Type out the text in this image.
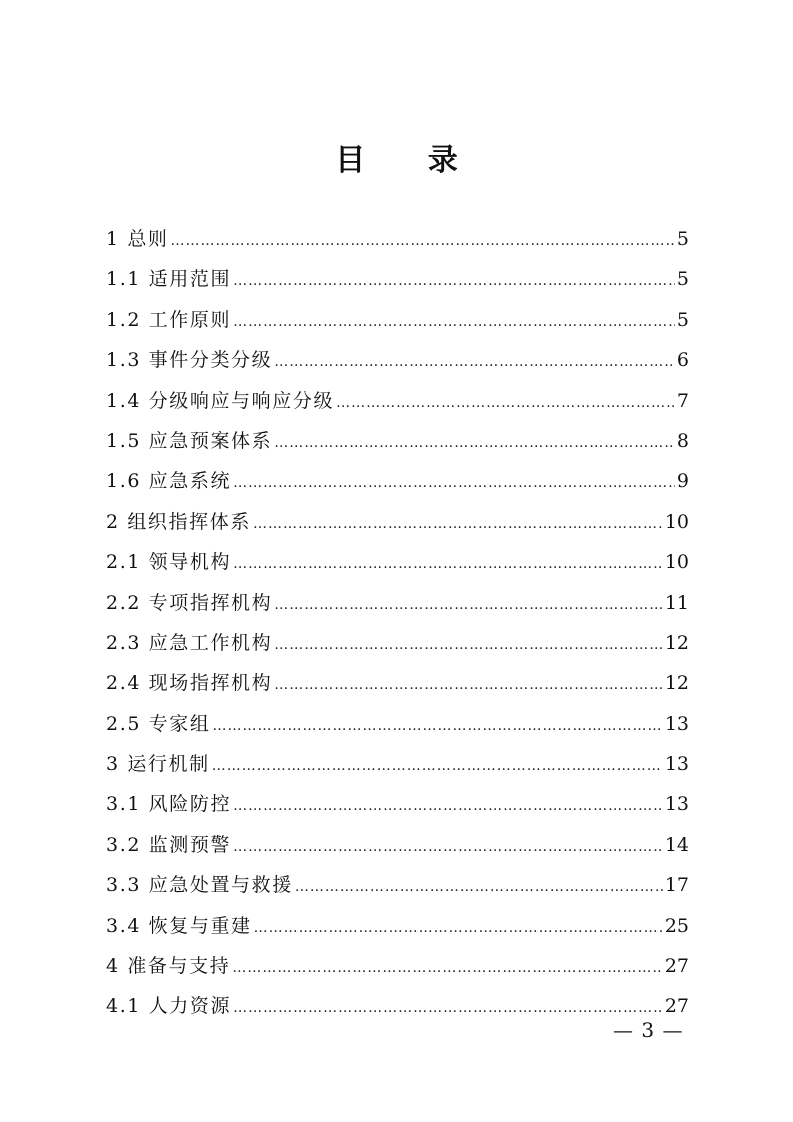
目 录
1 总则 ………………………………………………………………………………………………………………………………………………	5
1.1 适用范围 ………………………………………………………………………………………………………………………………………………	5
1.2 工作原则 ………………………………………………………………………………………………………………………………………………	5
1.3 事件分类分级 ………………………………………………………………………………………………………………………………………………	6
1.4 分级响应与响应分级 ………………………………………………………………………………………………………………………………………………	7
1.5 应急预案体系 ………………………………………………………………………………………………………………………………………………	8
1.6 应急系统 ………………………………………………………………………………………………………………………………………………	9
2 组织指挥体系 ………………………………………………………………………………………………………………………………………………	10
2.1 领导机构 ………………………………………………………………………………………………………………………………………………	10
2.2 专项指挥机构 ………………………………………………………………………………………………………………………………………………	11
2.3 应急工作机构 ………………………………………………………………………………………………………………………………………………	12
2.4 现场指挥机构 ………………………………………………………………………………………………………………………………………………	12
2.5 专家组 ………………………………………………………………………………………………………………………………………………	13
3 运行机制 ………………………………………………………………………………………………………………………………………………	13
3.1 风险防控 ………………………………………………………………………………………………………………………………………………	13
3.2 监测预警 ………………………………………………………………………………………………………………………………………………	14
3.3 应急处置与救援 ………………………………………………………………………………………………………………………………………………	17
3.4 恢复与重建 ………………………………………………………………………………………………………………………………………………	25
4 准备与支持 ………………………………………………………………………………………………………………………………………………	27
4.1 人力资源 ………………………………………………………………………………………………………………………………………………	27
— 3 —
